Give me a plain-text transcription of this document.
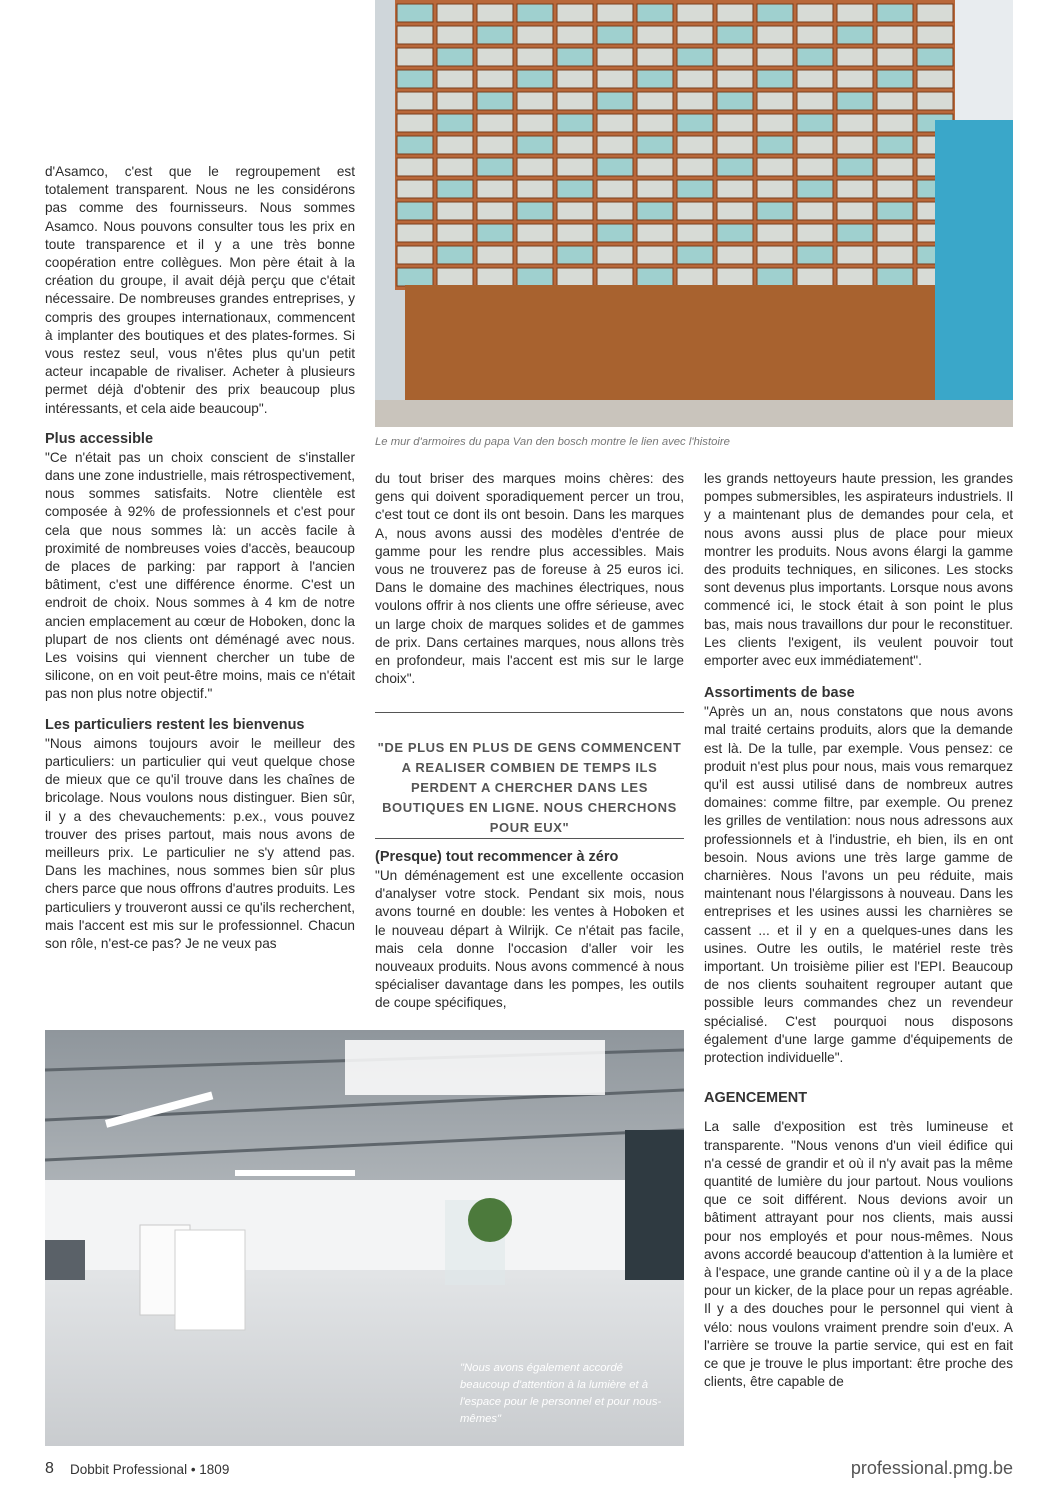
Le mur d'armoires du papa Van den bosch montre le lien avec l'histoire

d'Asamco, c'est que le regroupement est totalement transparent. Nous ne les considérons pas comme des fournisseurs. Nous sommes Asamco. Nous pouvons consulter tous les prix en toute transparence et il y a une très bonne coopération entre collègues. Mon père était à la création du groupe, il avait déjà perçu que c'était nécessaire. De nombreuses grandes entreprises, y compris des groupes internationaux, commencent à implanter des boutiques et des plates-formes. Si vous restez seul, vous n'êtes plus qu'un petit acteur incapable de rivaliser. Acheter à plusieurs permet déjà d'obtenir des prix beaucoup plus intéressants, et cela aide beaucoup".

Plus accessible

"Ce n'était pas un choix conscient de s'installer dans une zone industrielle, mais rétrospectivement, nous sommes satisfaits. Notre clientèle est composée à 92% de professionnels et c'est pour cela que nous sommes là: un accès facile à proximité de nombreuses voies d'accès, beaucoup de places de parking: par rapport à l'ancien bâtiment, c'est une différence énorme. C'est un endroit de choix. Nous sommes à 4 km de notre ancien emplacement au cœur de Hoboken, donc la plupart de nos clients ont déménagé avec nous. Les voisins qui viennent chercher un tube de silicone, on en voit peut-être moins, mais ce n'était pas non plus notre objectif."

Les particuliers restent les bienvenus

"Nous aimons toujours avoir le meilleur des particuliers: un particulier qui veut quelque chose de mieux que ce qu'il trouve dans les chaînes de bricolage. Nous voulons nous distinguer. Bien sûr, il y a des chevauchements: p.ex., vous pouvez trouver des prises partout, mais nous avons de meilleurs prix. Le particulier ne s'y attend pas. Dans les machines, nous sommes bien sûr plus chers parce que nous offrons d'autres produits. Les particuliers y trouveront aussi ce qu'ils recherchent, mais l'accent est mis sur le professionnel. Chacun son rôle, n'est-ce pas? Je ne veux pas

du tout briser des marques moins chères: des gens qui doivent sporadiquement percer un trou, c'est tout ce dont ils ont besoin. Dans les marques A, nous avons aussi des modèles d'entrée de gamme pour les rendre plus accessibles. Mais vous ne trouverez pas de foreuse à 25 euros ici. Dans le domaine des machines électriques, nous voulons offrir à nos clients une offre sérieuse, avec un large choix de marques solides et de gammes de prix. Dans certaines marques, nous allons très en profondeur, mais l'accent est mis sur le large choix".

"DE PLUS EN PLUS DE GENS COMMENCENT A REALISER COMBIEN DE TEMPS ILS PERDENT A CHERCHER DANS LES BOUTIQUES EN LIGNE. NOUS CHERCHONS POUR EUX"
(Presque) tout recommencer à zéro

"Un déménagement est une excellente occasion d'analyser votre stock. Pendant six mois, nous avons tourné en double: les ventes à Hoboken et le nouveau départ à Wilrijk. Ce n'était pas facile, mais cela donne l'occasion d'aller voir les nouveaux produits. Nous avons commencé à nous spécialiser davantage dans les pompes, les outils de coupe spécifiques,

les grands nettoyeurs haute pression, les grandes pompes submersibles, les aspirateurs industriels. Il y a maintenant plus de demandes pour cela, et nous avons aussi plus de place pour mieux montrer les produits. Nous avons élargi la gamme des produits techniques, en silicones. Les stocks sont devenus plus importants. Lorsque nous avons commencé ici, le stock était à son point le plus bas, mais nous travaillons dur pour le reconstituer. Les clients l'exigent, ils veulent pouvoir tout emporter avec eux immédiatement".

Assortiments de base

"Après un an, nous constatons que nous avons mal traité certains produits, alors que la demande est là. De la tulle, par exemple. Vous pensez: ce produit n'est plus pour nous, mais vous remarquez qu'il est aussi utilisé dans de nombreux autres domaines: comme filtre, par exemple. Ou prenez les grilles de ventilation: nous nous adressons aux professionnels et à l'industrie, eh bien, ils en ont besoin. Nous avions une très large gamme de charnières. Nous l'avons un peu réduite, mais maintenant nous l'élargissons à nouveau. Dans les entreprises et les usines aussi les charnières se cassent ... et il y en a quelques-unes dans les usines. Outre les outils, le matériel reste très important. Un troisième pilier est l'EPI. Beaucoup de nos clients souhaitent regrouper autant que possible leurs commandes chez un revendeur spécialisé. C'est pourquoi nous disposons également d'une large gamme d'équipements de protection individuelle".

AGENCEMENT

La salle d'exposition est très lumineuse et transparente. "Nous venons d'un vieil édifice qui n'a cessé de grandir et où il n'y avait pas la même quantité de lumière du jour partout. Nous voulions que ce soit différent. Nous devions avoir un bâtiment attrayant pour nos clients, mais aussi pour nos employés et pour nous-mêmes. Nous avons accordé beaucoup d'attention à la lumière et à l'espace, une grande cantine où il y a de la place pour un kicker, de la place pour un repas agréable. Il y a des douches pour le personnel qui vient à vélo: nous voulons vraiment prendre soin d'eux. A l'arrière se trouve la partie service, qui est en fait ce que je trouve le plus important: être proche des clients, être capable de

"Nous avons également accordé beaucoup d'attention à la lumière et à l'espace pour le personnel et pour nous-mêmes"
8 Dobbit Professional • 1809	professional.pmg.be
